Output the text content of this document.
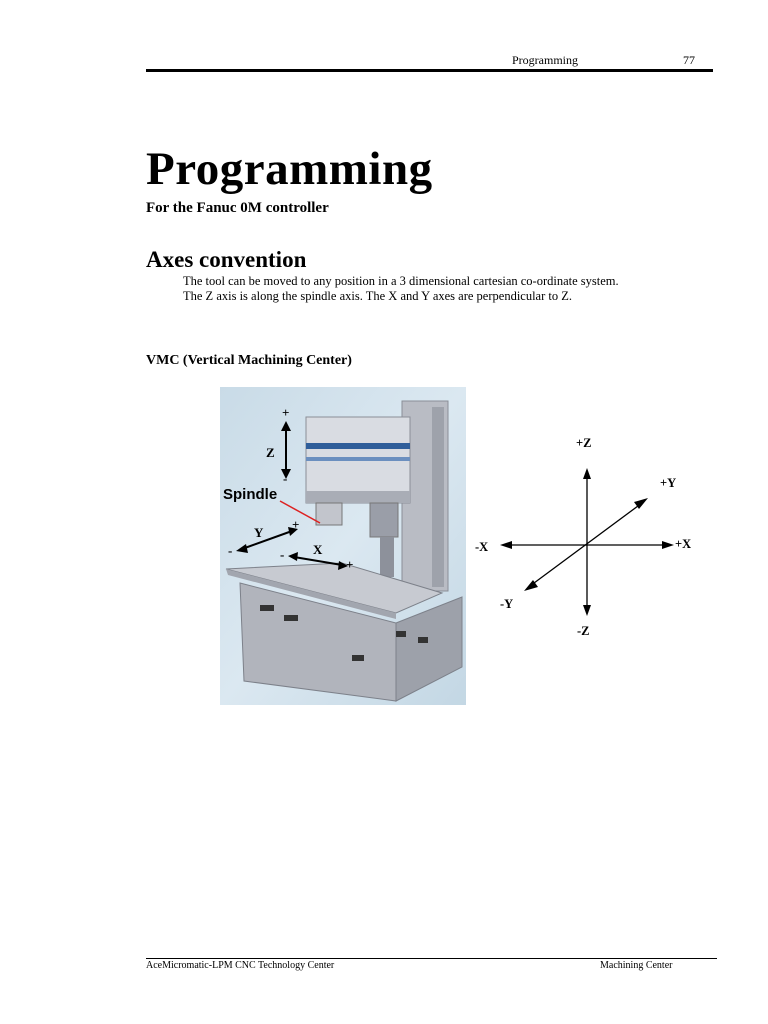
Programming	77
Programming
For the Fanuc 0M controller
Axes convention
The tool can be moved to any position in a 3 dimensional cartesian co-ordinate system.
The Z axis is along the spindle axis. The X and Y axes are perpendicular to Z.
VMC (Vertical Machining Center)
+
Z
-
Spindle
Y
+
-	X
-
+
+Z
-Z
-X	+X
+Y
-Y
AceMicromatic-LPM CNC Technology Center	Machining Center
